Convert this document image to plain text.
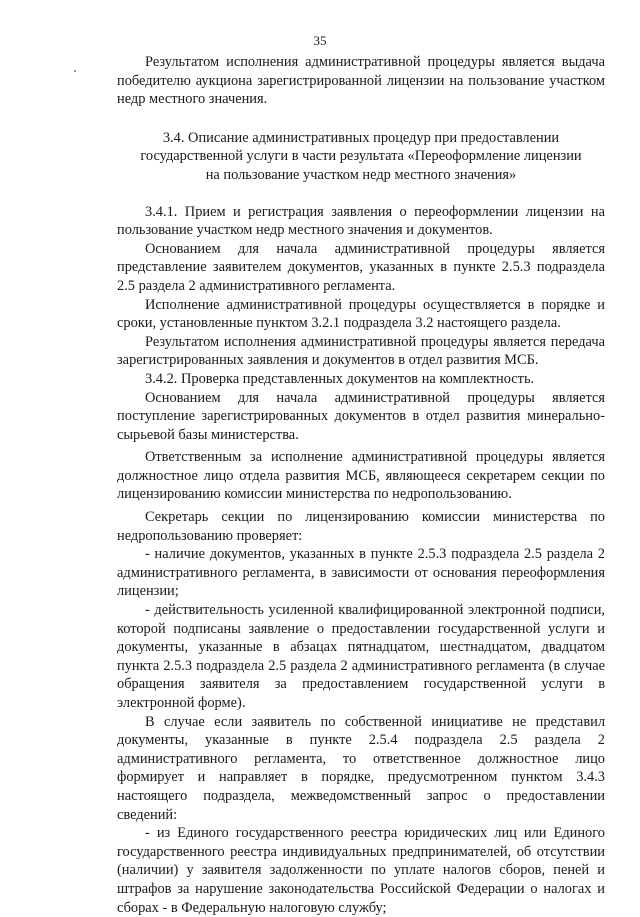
35

Результатом исполнения административной процедуры является выдача победителю аукциона зарегистрированной лицензии на пользование участком недр местного значения.

3.4. Описание административных процедур при предоставлении
государственной услуги в части результата «Переоформление лицензии
на пользование участком недр местного значения»

3.4.1. Прием и регистрация заявления о переоформлении лицензии на пользование участком недр местного значения и документов.

Основанием для начала административной процедуры является представление заявителем документов, указанных в пункте 2.5.3 подраздела 2.5 раздела 2 административного регламента.

Исполнение административной процедуры осуществляется в порядке и сроки, установленные пунктом 3.2.1 подраздела 3.2 настоящего раздела.

Результатом исполнения административной процедуры является передача зарегистрированных заявления и документов в отдел развития МСБ.

3.4.2. Проверка представленных документов на комплектность.

Основанием для начала административной процедуры является поступление зарегистрированных документов в отдел развития минерально-сырьевой базы министерства.

Ответственным за исполнение административной процедуры является должностное лицо отдела развития МСБ, являющееся секретарем секции по лицензированию комиссии министерства по недропользованию.

Секретарь секции по лицензированию комиссии министерства по недропользованию проверяет:

- наличие документов, указанных в пункте 2.5.3 подраздела 2.5 раздела 2 административного регламента, в зависимости от основания переоформления лицензии;

- действительность усиленной квалифицированной электронной подписи, которой подписаны заявление о предоставлении государственной услуги и документы, указанные в абзацах пятнадцатом, шестнадцатом, двадцатом пункта 2.5.3 подраздела 2.5 раздела 2 административного регламента (в случае обращения заявителя за предоставлением государственной услуги в электронной форме).

В случае если заявитель по собственной инициативе не представил документы, указанные в пункте 2.5.4 подраздела 2.5 раздела 2 административного регламента, то ответственное должностное лицо формирует и направляет в порядке, предусмотренном пунктом 3.4.3 настоящего подраздела, межведомственный запрос о предоставлении сведений:

- из Единого государственного реестра юридических лиц или Единого государственного реестра индивидуальных предпринимателей, об отсутствии (наличии) у заявителя задолженности по уплате налогов сборов, пеней и штрафов за нарушение законодательства Российской Федерации о налогах и сборах - в Федеральную налоговую службу;
